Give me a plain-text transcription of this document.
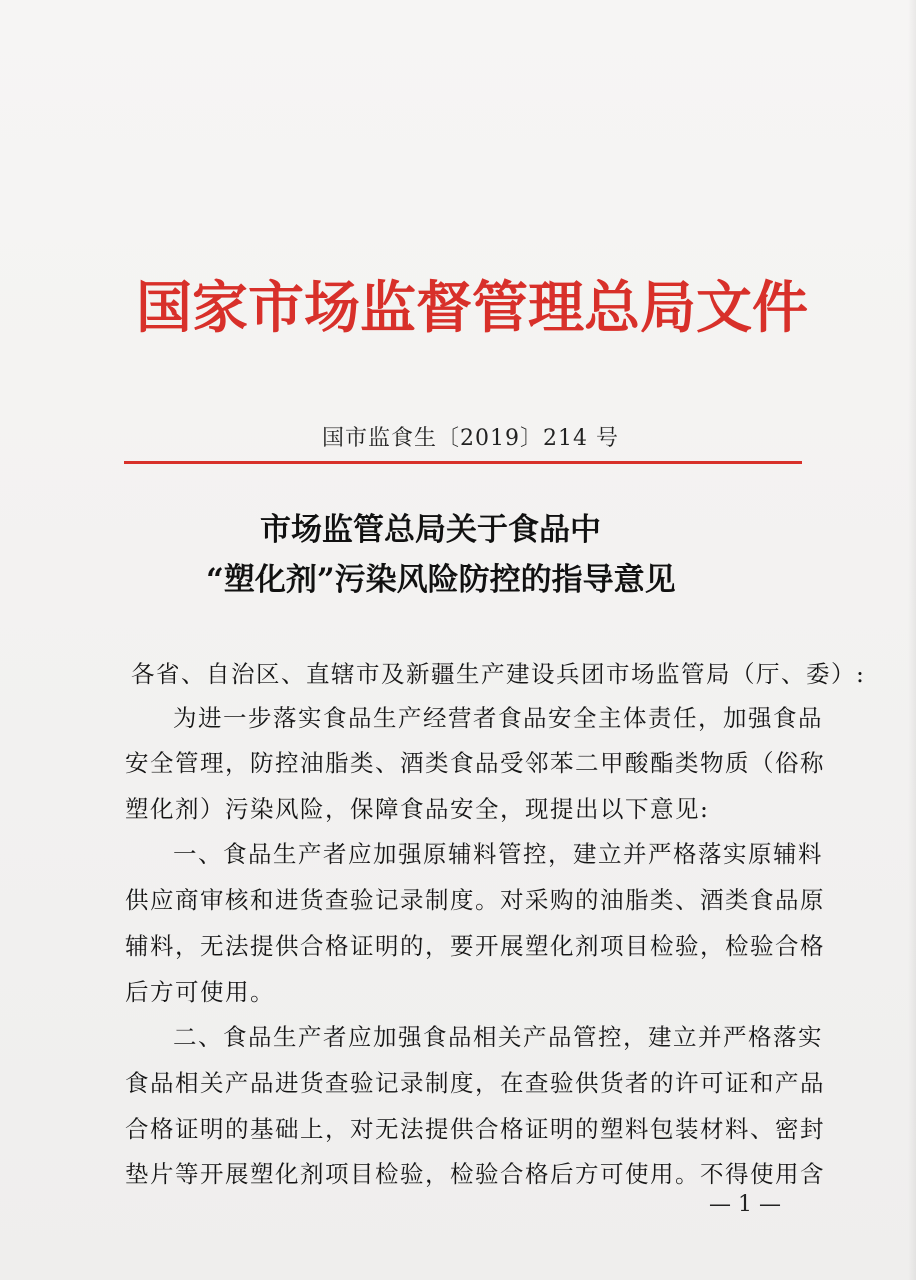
国家市场监督管理总局文件
国市监食生〔2019〕214 号
市场监管总局关于食品中
“塑化剂”污染风险防控的指导意见

各省、自治区、直辖市及新疆生产建设兵团市场监管局（厅、委）:

为进一步落实食品生产经营者食品安全主体责任，加强食品

安全管理，防控油脂类、酒类食品受邻苯二甲酸酯类物质（俗称

塑化剂）污染风险，保障食品安全，现提出以下意见:

一、食品生产者应加强原辅料管控，建立并严格落实原辅料

供应商审核和进货查验记录制度。对采购的油脂类、酒类食品原

辅料，无法提供合格证明的，要开展塑化剂项目检验，检验合格

后方可使用。

二、食品生产者应加强食品相关产品管控，建立并严格落实

食品相关产品进货查验记录制度，在查验供货者的许可证和产品

合格证明的基础上，对无法提供合格证明的塑料包装材料、密封

垫片等开展塑化剂项目检验，检验合格后方可使用。不得使用含

— 1 —
